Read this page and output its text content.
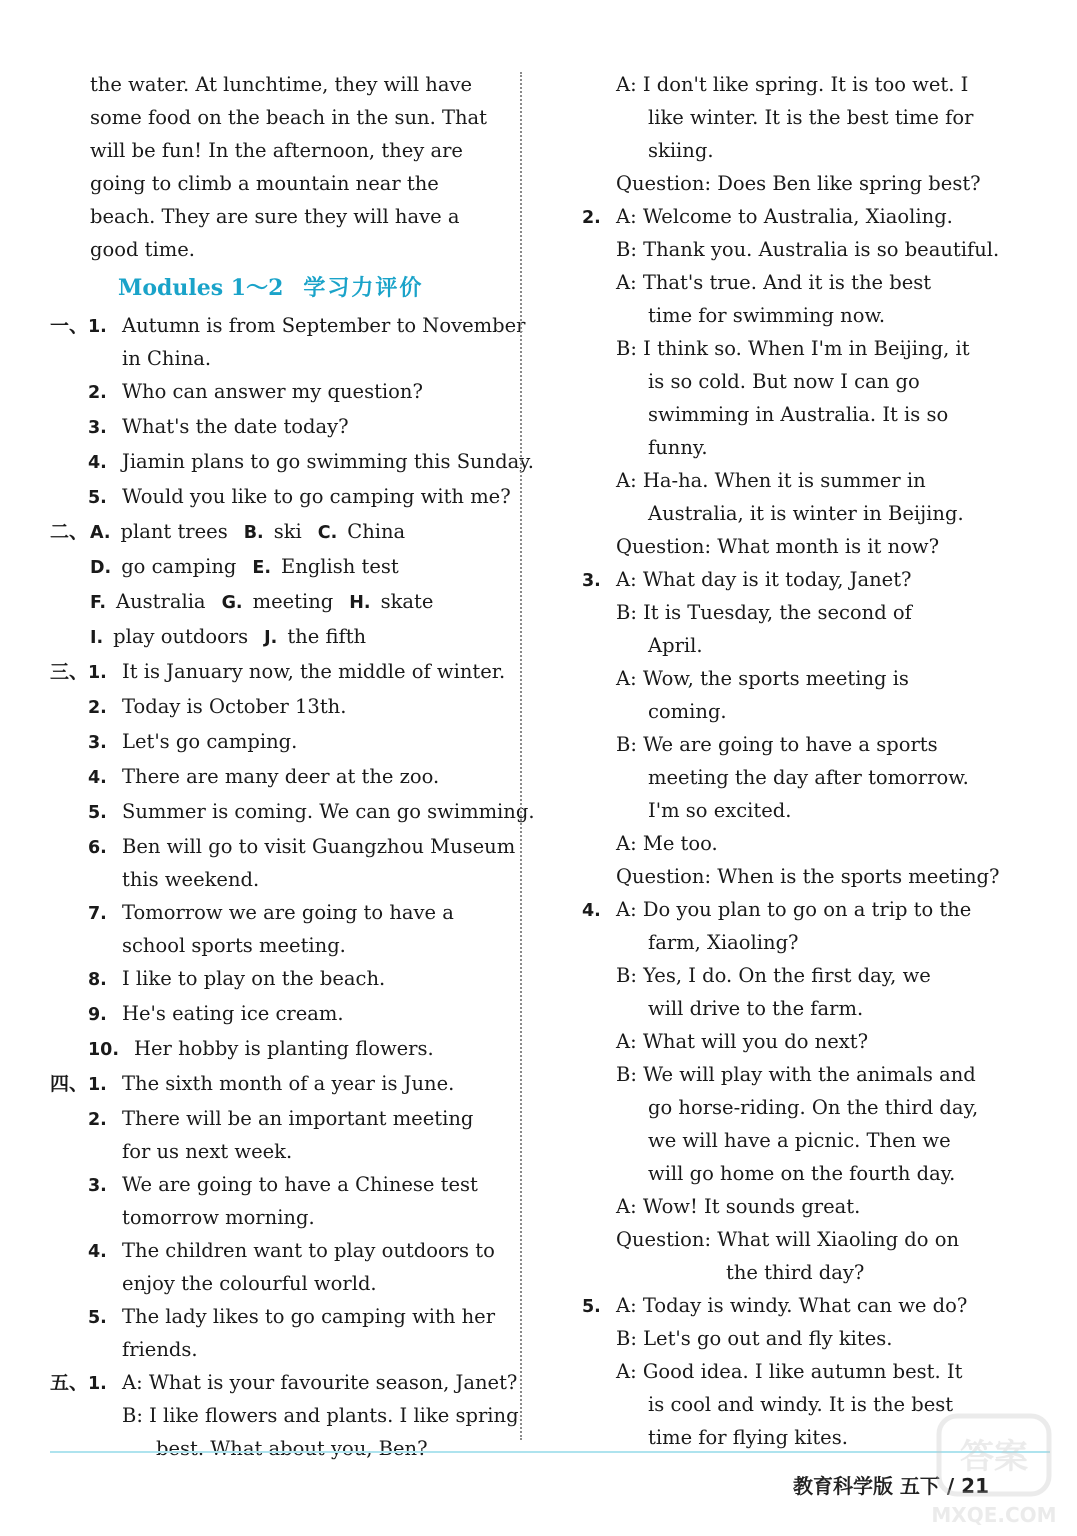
the water. At lunchtime, they will have
some food on the beach in the sun. That
will be fun! In the afternoon, they are
going to climb a mountain near the
beach. They are sure they will have a
good time.
Modules 1～2 学习力评价
一、1. Autumn is from September to November
in China.
2. Who can answer my question?
3. What's the date today?
4. Jiamin plans to go swimming this Sunday.
5. Would you like to go camping with me?
二、 A. plant trees B. ski C. China
D. go camping E. English test
F. Australia G. meeting H. skate
I. play outdoors J. the fifth
三、1. It is January now, the middle of winter.
2. Today is October 13th.
3. Let's go camping.
4. There are many deer at the zoo.
5. Summer is coming. We can go swimming.
6. Ben will go to visit Guangzhou Museum
this weekend.
7. Tomorrow we are going to have a
school sports meeting.
8. I like to play on the beach.
9. He's eating ice cream.
10. Her hobby is planting flowers.
四、1. The sixth month of a year is June.
2. There will be an important meeting
for us next week.
3. We are going to have a Chinese test
tomorrow morning.
4. The children want to play outdoors to
enjoy the colourful world.
5. The lady likes to go camping with her
friends.
五、1. A: What is your favourite season, Janet?
B: I like flowers and plants. I like spring
best. What about you, Ben?
A: I don't like spring. It is too wet. I
like winter. It is the best time for
skiing.
Question: Does Ben like spring best?
2. A: Welcome to Australia, Xiaoling.
B: Thank you. Australia is so beautiful.
A: That's true. And it is the best
time for swimming now.
B: I think so. When I'm in Beijing, it
is so cold. But now I can go
swimming in Australia. It is so
funny.
A: Ha-ha. When it is summer in
Australia, it is winter in Beijing.
Question: What month is it now?
3. A: What day is it today, Janet?
B: It is Tuesday, the second of
April.
A: Wow, the sports meeting is
coming.
B: We are going to have a sports
meeting the day after tomorrow.
I'm so excited.
A: Me too.
Question: When is the sports meeting?
4. A: Do you plan to go on a trip to the
farm, Xiaoling?
B: Yes, I do. On the first day, we
will drive to the farm.
A: What will you do next?
B: We will play with the animals and
go horse-riding. On the third day,
we will have a picnic. Then we
will go home on the fourth day.
A: Wow! It sounds great.
Question: What will Xiaoling do on
the third day?
5. A: Today is windy. What can we do?
B: Let's go out and fly kites.
A: Good idea. I like autumn best. It
is cool and windy. It is the best
time for flying kites.
教育科学版 五下 / 21
答案
MXQE.COM
